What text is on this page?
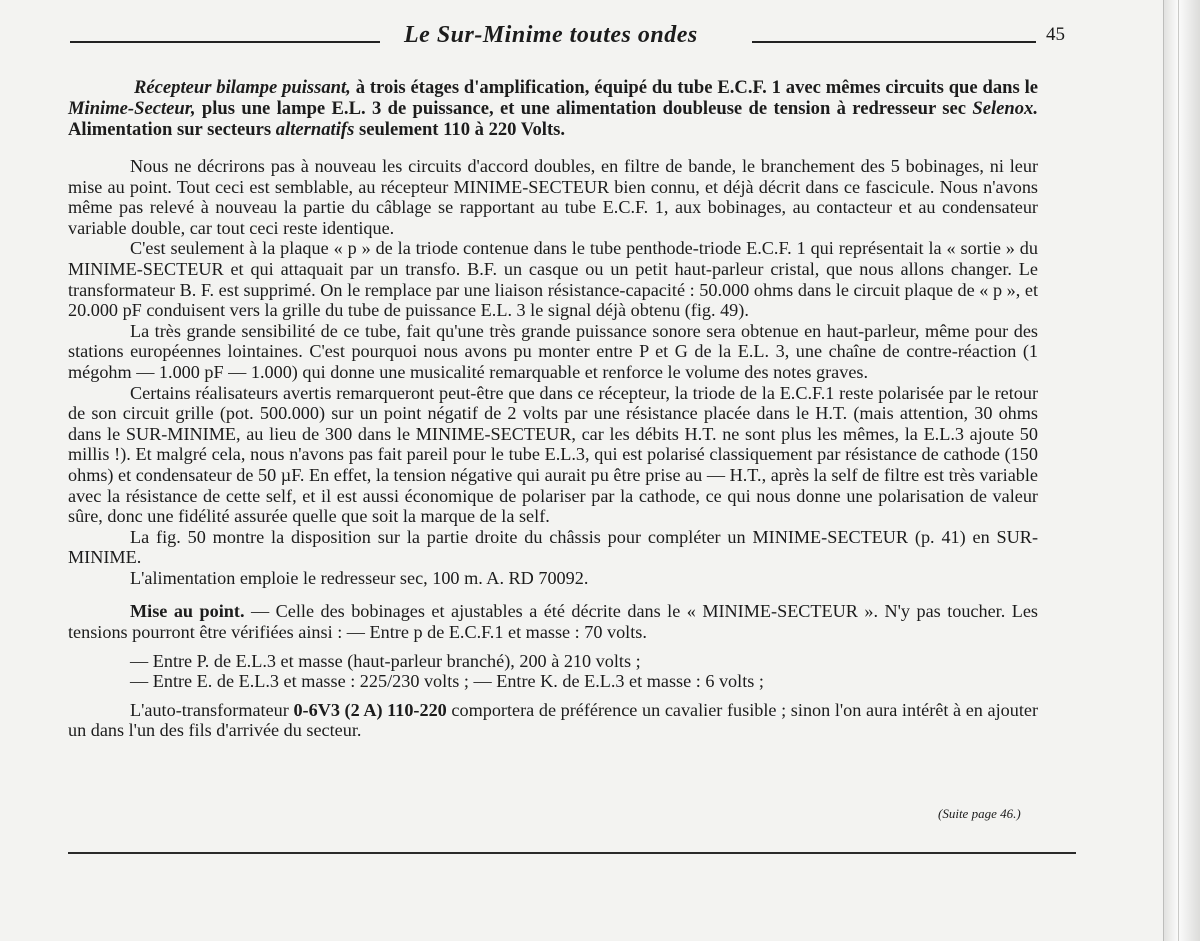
Le Sur-Minime toutes ondes	45
Récepteur bilampe puissant, à trois étages d'amplification, équipé du tube E.C.F. 1 avec mêmes circuits que dans le Minime-Secteur, plus une lampe E.L. 3 de puissance, et une alimentation doubleuse de tension à redresseur sec Selenox. Alimentation sur secteurs alternatifs seulement 110 à 220 Volts.

Nous ne décrirons pas à nouveau les circuits d'accord doubles, en filtre de bande, le branchement des 5 bobinages, ni leur mise au point. Tout ceci est semblable, au récepteur MINIME-SECTEUR bien connu, et déjà décrit dans ce fascicule. Nous n'avons même pas relevé à nouveau la partie du câblage se rapportant au tube E.C.F. 1, aux bobinages, au contacteur et au condensateur variable double, car tout ceci reste identique.

C'est seulement à la plaque « p » de la triode contenue dans le tube penthode-triode E.C.F. 1 qui représentait la « sortie » du MINIME-SECTEUR et qui attaquait par un transfo. B.F. un casque ou un petit haut-parleur cristal, que nous allons changer. Le transformateur B. F. est supprimé. On le remplace par une liaison résistance-capacité : 50.000 ohms dans le circuit plaque de « p », et 20.000 pF conduisent vers la grille du tube de puissance E.L. 3 le signal déjà obtenu (fig. 49).

La très grande sensibilité de ce tube, fait qu'une très grande puissance sonore sera obtenue en haut-parleur, même pour des stations européennes lointaines. C'est pourquoi nous avons pu monter entre P et G de la E.L. 3, une chaîne de contre-réaction (1 mégohm — 1.000 pF — 1.000) qui donne une musicalité remarquable et renforce le volume des notes graves.

Certains réalisateurs avertis remarqueront peut-être que dans ce récepteur, la triode de la E.C.F.1 reste polarisée par le retour de son circuit grille (pot. 500.000) sur un point négatif de 2 volts par une résistance placée dans le H.T. (mais attention, 30 ohms dans le SUR-MINIME, au lieu de 300 dans le MINIME-SECTEUR, car les débits H.T. ne sont plus les mêmes, la E.L.3 ajoute 50 millis !). Et malgré cela, nous n'avons pas fait pareil pour le tube E.L.3, qui est polarisé classiquement par résistance de cathode (150 ohms) et condensateur de 50 µF. En effet, la tension négative qui aurait pu être prise au — H.T., après la self de filtre est très variable avec la résistance de cette self, et il est aussi économique de polariser par la cathode, ce qui nous donne une polarisation de valeur sûre, donc une fidélité assurée quelle que soit la marque de la self.

La fig. 50 montre la disposition sur la partie droite du châssis pour compléter un MINIME-SECTEUR (p. 41) en SUR-MINIME.

L'alimentation emploie le redresseur sec, 100 m. A. RD 70092.

Mise au point. — Celle des bobinages et ajustables a été décrite dans le « MINIME-SECTEUR ». N'y pas toucher. Les tensions pourront être vérifiées ainsi : — Entre p de E.C.F.1 et masse : 70 volts.

— Entre P. de E.L.3 et masse (haut-parleur branché), 200 à 210 volts ;

— Entre E. de E.L.3 et masse : 225/230 volts ; — Entre K. de E.L.3 et masse : 6 volts ;

L'auto-transformateur 0-6V3 (2 A) 110-220 comportera de préférence un cavalier fusible ; sinon l'on aura intérêt à en ajouter un dans l'un des fils d'arrivée du secteur.

(Suite page 46.)
